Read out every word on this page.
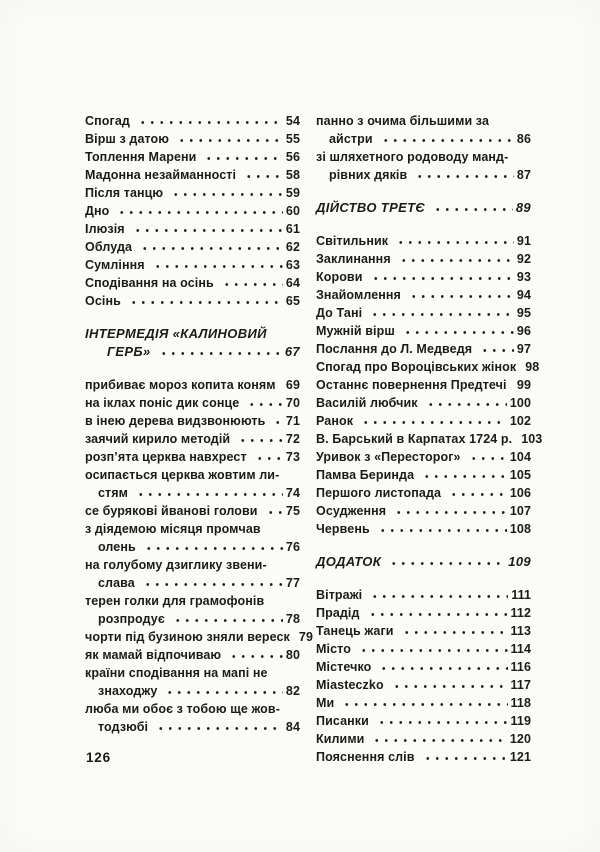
Спогад	54
Вірш з датою	55
Топлення Марени	56
Мадонна незайманності	58
Після танцю	59
Дно	60
Ілюзія	61
Облуда	62
Сумління	63
Сподівання на осінь	64
Осінь	65
ІНТЕРМЕДІЯ «КАЛИНОВИЙ
ГЕРБ»	67
прибиває мороз копита коням 69
на іклах поніс дик сонце	70
в інею дерева видзвонюють 71
заячий кирило методій	72
розп’ята церква навхрест	73
осипається церква жовтим ли-
стям	74
се бурякові йванові голови 75
з діядемою місяця промчав
олень	76
на голубому дзиглику звени-
слава	77
терен голки для грамофонів
розпродує	78
чорти під бузиною зняли вереск 79
як мамай відпочиваю	80
країни сподівання на мапі не
знаходжу	82
люба ми обоє з тобою ще жов-
тодзюбі	84
панно з очима більшими за
айстри	86
зі шляхетного родоводу манд-
рівних дяків	87
ДІЙСТВО ТРЕТЄ	89
Світильник	91
Заклинання	92
Корови	93
Знайомлення	94
До Тані	95
Мужній вірш	96
Послання до Л. Медведя	97
Спогад про Вороцівських жінок 98
Останнє повернення Предтечі 99
Василій любчик	100
Ранок	102
В. Барський в Карпатах 1724 р. 103
Уривок з «Пересторог»	104
Памва Беринда	105
Першого листопада	106
Осудження	107
Червень	108
ДОДАТОК	109
Вітражі	111
Прадід	112
Танець жаги	113
Місто	114
Містечко	116
Miasteczko	117
Ми	118
Писанки	119
Килими	120
Пояснення слів	121
126
